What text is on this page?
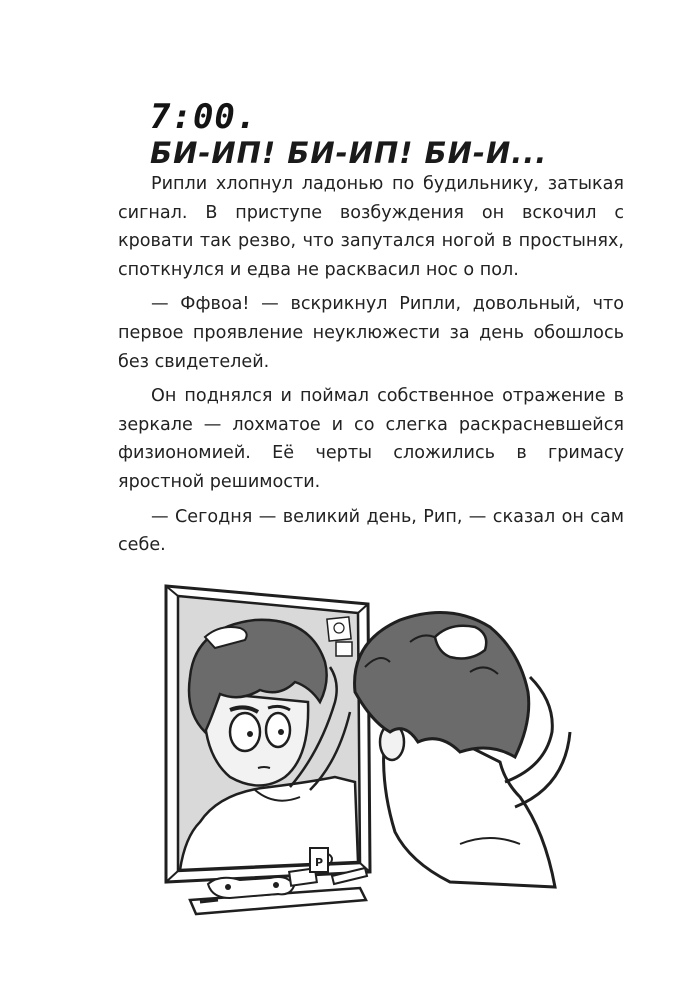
7:00.
БИ-ИП! БИ-ИП! БИ-И...

Рипли хлопнул ладонью по будильнику, затыкая сигнал. В приступе возбуждения он вскочил с кровати так резво, что запутался ногой в простынях, споткнулся и едва не расквасил нос о пол.

— Ффвоа! — вскрикнул Рипли, довольный, что первое проявление неуклюжести за день обошлось без свидетелей.

Он поднялся и поймал собственное отражение в зеркале — лохматое и со слегка раскрасневшейся физиономией. Её черты сложились в гримасу яростной решимости.

— Сегодня — великий день, Рип, — сказал он сам себе.

P
